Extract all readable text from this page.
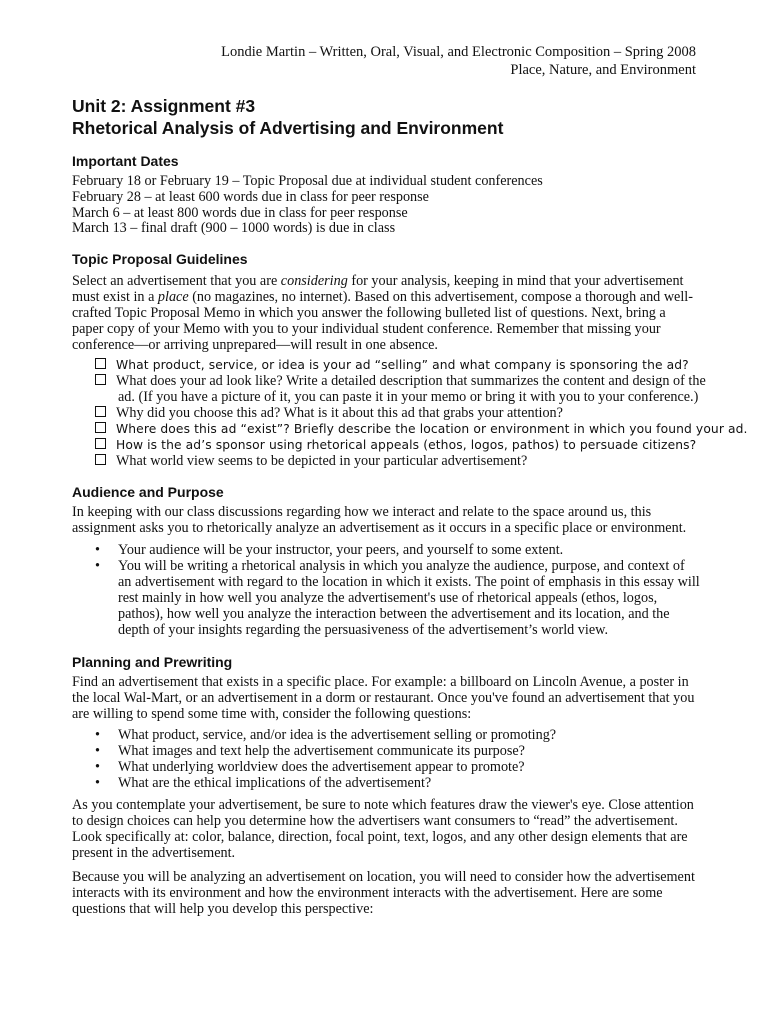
Londie Martin – Written, Oral, Visual, and Electronic Composition – Spring 2008
Place, Nature, and Environment
Unit 2: Assignment #3
Rhetorical Analysis of Advertising and Environment
Important Dates
February 18 or February 19 – Topic Proposal due at individual student conferences
February 28 – at least 600 words due in class for peer response
March 6 – at least 800 words due in class for peer response
March 13 – final draft (900 – 1000 words) is due in class
Topic Proposal Guidelines
Select an advertisement that you are considering for your analysis, keeping in mind that your advertisement must exist in a place (no magazines, no internet). Based on this advertisement, compose a thorough and well-crafted Topic Proposal Memo in which you answer the following bulleted list of questions. Next, bring a paper copy of your Memo with you to your individual student conference. Remember that missing your conference—or arriving unprepared—will result in one absence.
What product, service, or idea is your ad “selling” and what company is sponsoring the ad?
What does your ad look like? Write a detailed description that summarizes the content and design of the ad. (If you have a picture of it, you can paste it in your memo or bring it with you to your conference.)
Why did you choose this ad? What is it about this ad that grabs your attention?
Where does this ad “exist”? Briefly describe the location or environment in which you found your ad.
How is the ad’s sponsor using rhetorical appeals (ethos, logos, pathos) to persuade citizens?
What world view seems to be depicted in your particular advertisement?
Audience and Purpose
In keeping with our class discussions regarding how we interact and relate to the space around us, this assignment asks you to rhetorically analyze an advertisement as it occurs in a specific place or environment.
• Your audience will be your instructor, your peers, and yourself to some extent.
• You will be writing a rhetorical analysis in which you analyze the audience, purpose, and context of an advertisement with regard to the location in which it exists. The point of emphasis in this essay will rest mainly in how well you analyze the advertisement's use of rhetorical appeals (ethos, logos, pathos), how well you analyze the interaction between the advertisement and its location, and the depth of your insights regarding the persuasiveness of the advertisement’s world view.
Planning and Prewriting
Find an advertisement that exists in a specific place. For example: a billboard on Lincoln Avenue, a poster in the local Wal-Mart, or an advertisement in a dorm or restaurant. Once you've found an advertisement that you are willing to spend some time with, consider the following questions:
• What product, service, and/or idea is the advertisement selling or promoting?
• What images and text help the advertisement communicate its purpose?
• What underlying worldview does the advertisement appear to promote?
• What are the ethical implications of the advertisement?
As you contemplate your advertisement, be sure to note which features draw the viewer's eye. Close attention to design choices can help you determine how the advertisers want consumers to “read” the advertisement. Look specifically at: color, balance, direction, focal point, text, logos, and any other design elements that are present in the advertisement.
Because you will be analyzing an advertisement on location, you will need to consider how the advertisement interacts with its environment and how the environment interacts with the advertisement. Here are some questions that will help you develop this perspective:
